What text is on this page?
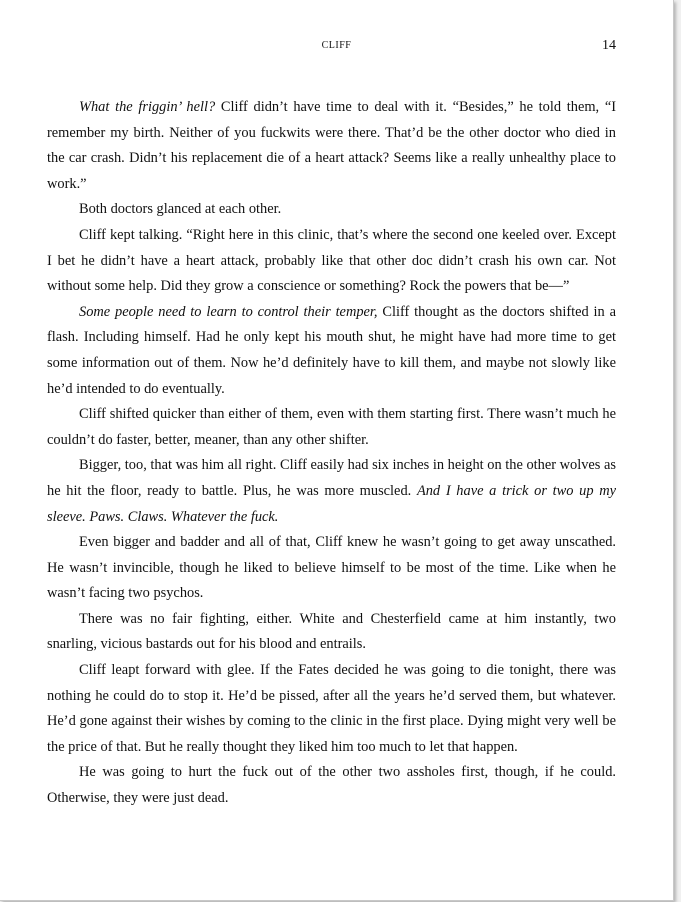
CLIFF	14

What the friggin’ hell? Cliff didn’t have time to deal with it. “Besides,” he told them, “I remember my birth. Neither of you fuckwits were there. That’d be the other doctor who died in the car crash. Didn’t his replacement die of a heart attack? Seems like a really unhealthy place to work.”

Both doctors glanced at each other.

Cliff kept talking. “Right here in this clinic, that’s where the second one keeled over. Except I bet he didn’t have a heart attack, probably like that other doc didn’t crash his own car. Not without some help. Did they grow a conscience or something? Rock the powers that be—”

Some people need to learn to control their temper, Cliff thought as the doctors shifted in a flash. Including himself. Had he only kept his mouth shut, he might have had more time to get some information out of them. Now he’d definitely have to kill them, and maybe not slowly like he’d intended to do eventually.

Cliff shifted quicker than either of them, even with them starting first. There wasn’t much he couldn’t do faster, better, meaner, than any other shifter.

Bigger, too, that was him all right. Cliff easily had six inches in height on the other wolves as he hit the floor, ready to battle. Plus, he was more muscled. And I have a trick or two up my sleeve. Paws. Claws. Whatever the fuck.

Even bigger and badder and all of that, Cliff knew he wasn’t going to get away unscathed. He wasn’t invincible, though he liked to believe himself to be most of the time. Like when he wasn’t facing two psychos.

There was no fair fighting, either. White and Chesterfield came at him instantly, two snarling, vicious bastards out for his blood and entrails.

Cliff leapt forward with glee. If the Fates decided he was going to die tonight, there was nothing he could do to stop it. He’d be pissed, after all the years he’d served them, but whatever. He’d gone against their wishes by coming to the clinic in the first place. Dying might very well be the price of that. But he really thought they liked him too much to let that happen.

He was going to hurt the fuck out of the other two assholes first, though, if he could. Otherwise, they were just dead.
